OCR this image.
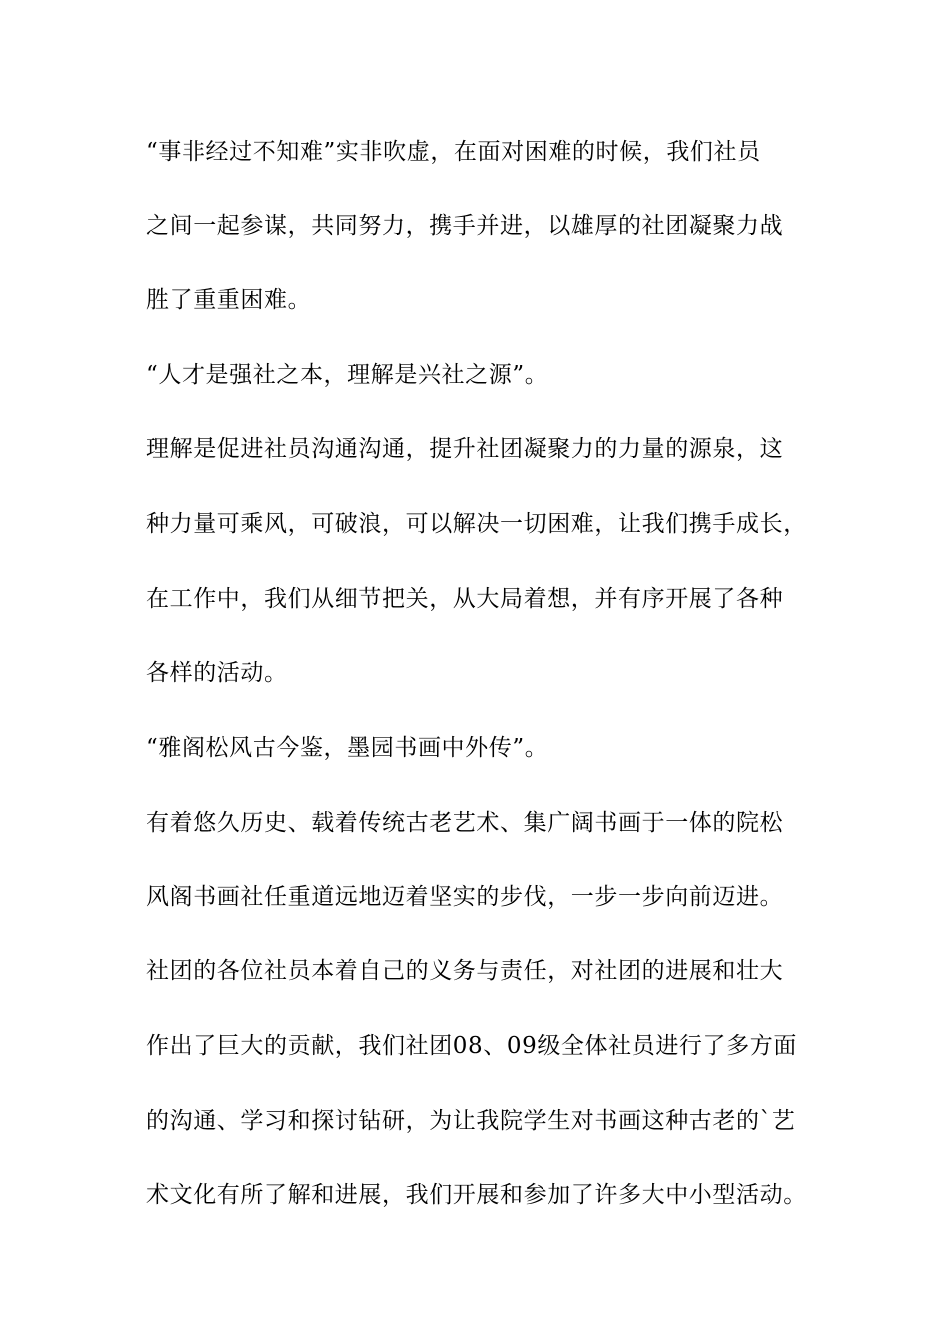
“事非经过不知难”实非吹虚，在面对困难的时候，我们社员
之间一起参谋，共同努力，携手并进，以雄厚的社团凝聚力战
胜了重重困难。
“人才是强社之本，理解是兴社之源”。
理解是促进社员沟通沟通，提升社团凝聚力的力量的源泉，这
种力量可乘风，可破浪，可以解决一切困难，让我们携手成长，
在工作中，我们从细节把关，从大局着想，并有序开展了各种
各样的活动。
“雅阁松风古今鉴，墨园书画中外传”。
有着悠久历史、载着传统古老艺术、集广阔书画于一体的院松
风阁书画社任重道远地迈着坚实的步伐，一步一步向前迈进。
社团的各位社员本着自己的义务与责任，对社团的进展和壮大
作出了巨大的贡献，我们社团08、09级全体社员进行了多方面
的沟通、学习和探讨钻研，为让我院学生对书画这种古老的`艺
术文化有所了解和进展，我们开展和参加了许多大中小型活动。
